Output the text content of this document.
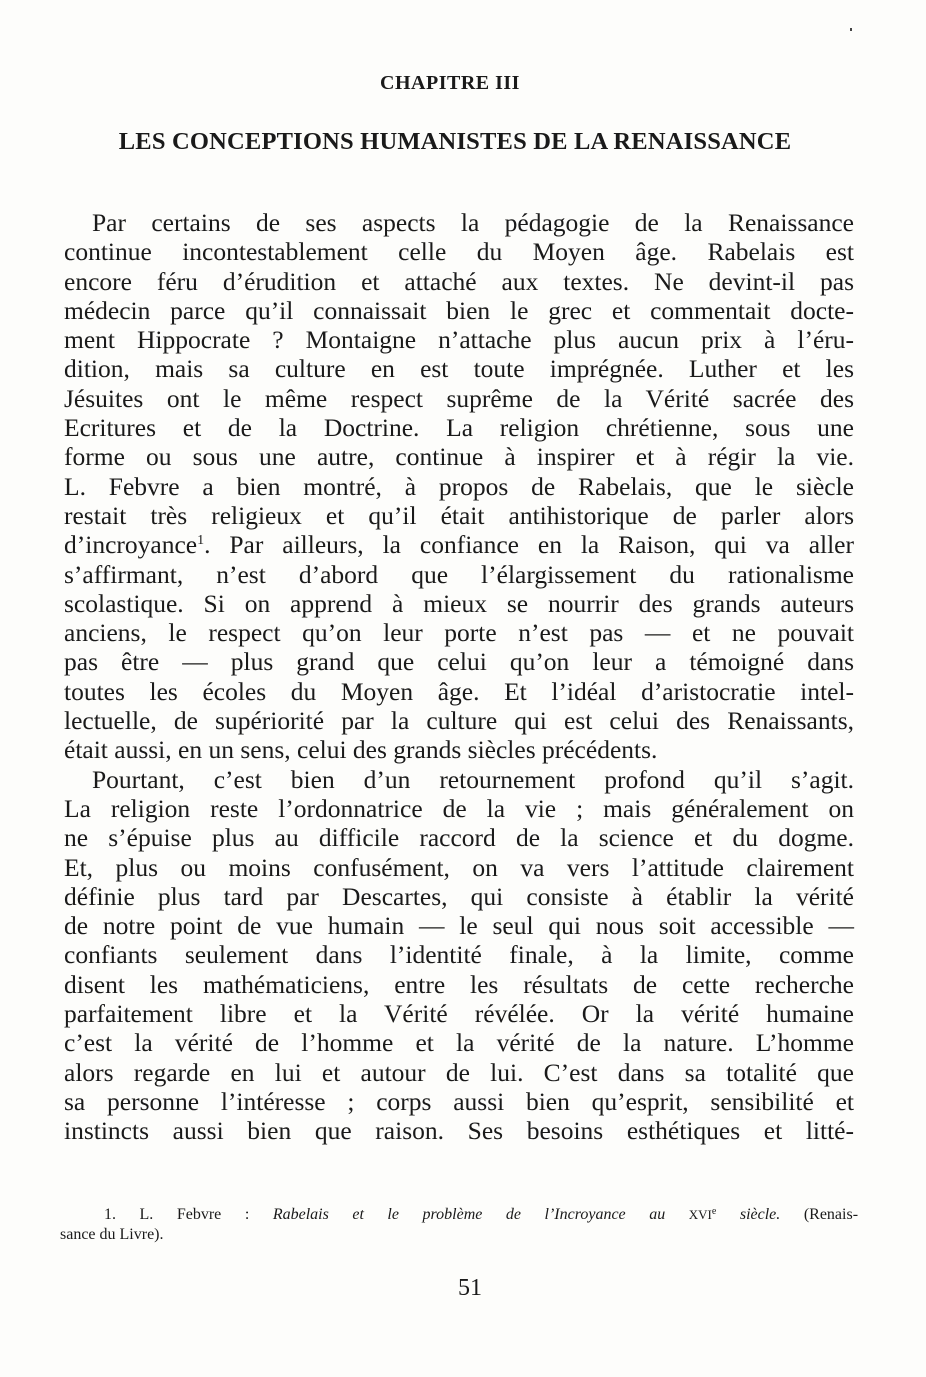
CHAPITRE III
LES CONCEPTIONS HUMANISTES DE LA RENAISSANCE
Par certains de ses aspects la pédagogie de la Renaissance
continue incontestablement celle du Moyen âge. Rabelais est
encore féru d’érudition et attaché aux textes. Ne devint-il pas
médecin parce qu’il connaissait bien le grec et commentait docte-
ment Hippocrate ? Montaigne n’attache plus aucun prix à l’éru-
dition, mais sa culture en est toute imprégnée. Luther et les
Jésuites ont le même respect suprême de la Vérité sacrée des
Ecritures et de la Doctrine. La religion chrétienne, sous une
forme ou sous une autre, continue à inspirer et à régir la vie.
L. Febvre a bien montré, à propos de Rabelais, que le siècle
restait très religieux et qu’il était antihistorique de parler alors
d’incroyance$^1$. Par ailleurs, la confiance en la Raison, qui va aller
s’affirmant, n’est d’abord que l’élargissement du rationalisme
scolastique. Si on apprend à mieux se nourrir des grands auteurs
anciens, le respect qu’on leur porte n’est pas — et ne pouvait
pas être — plus grand que celui qu’on leur a témoigné dans
toutes les écoles du Moyen âge. Et l’idéal d’aristocratie intel-
lectuelle, de supériorité par la culture qui est celui des Renaissants,
était aussi, en un sens, celui des grands siècles précédents.
Pourtant, c’est bien d’un retournement profond qu’il s’agit.
La religion reste l’ordonnatrice de la vie ; mais généralement on
ne s’épuise plus au difficile raccord de la science et du dogme.
Et, plus ou moins confusément, on va vers l’attitude clairement
définie plus tard par Descartes, qui consiste à établir la vérité
de notre point de vue humain — le seul qui nous soit accessible —
confiants seulement dans l’identité finale, à la limite, comme
disent les mathématiciens, entre les résultats de cette recherche
parfaitement libre et la Vérité révélée. Or la vérité humaine
c’est la vérité de l’homme et la vérité de la nature. L’homme
alors regarde en lui et autour de lui. C’est dans sa totalité que
sa personne l’intéresse ; corps aussi bien qu’esprit, sensibilité et
instincts aussi bien que raison. Ses besoins esthétiques et litté-
1. L. Febvre : Rabelais et le problème de l’Incroyance au XVIe siècle. (Renais-
sance du Livre).
51
